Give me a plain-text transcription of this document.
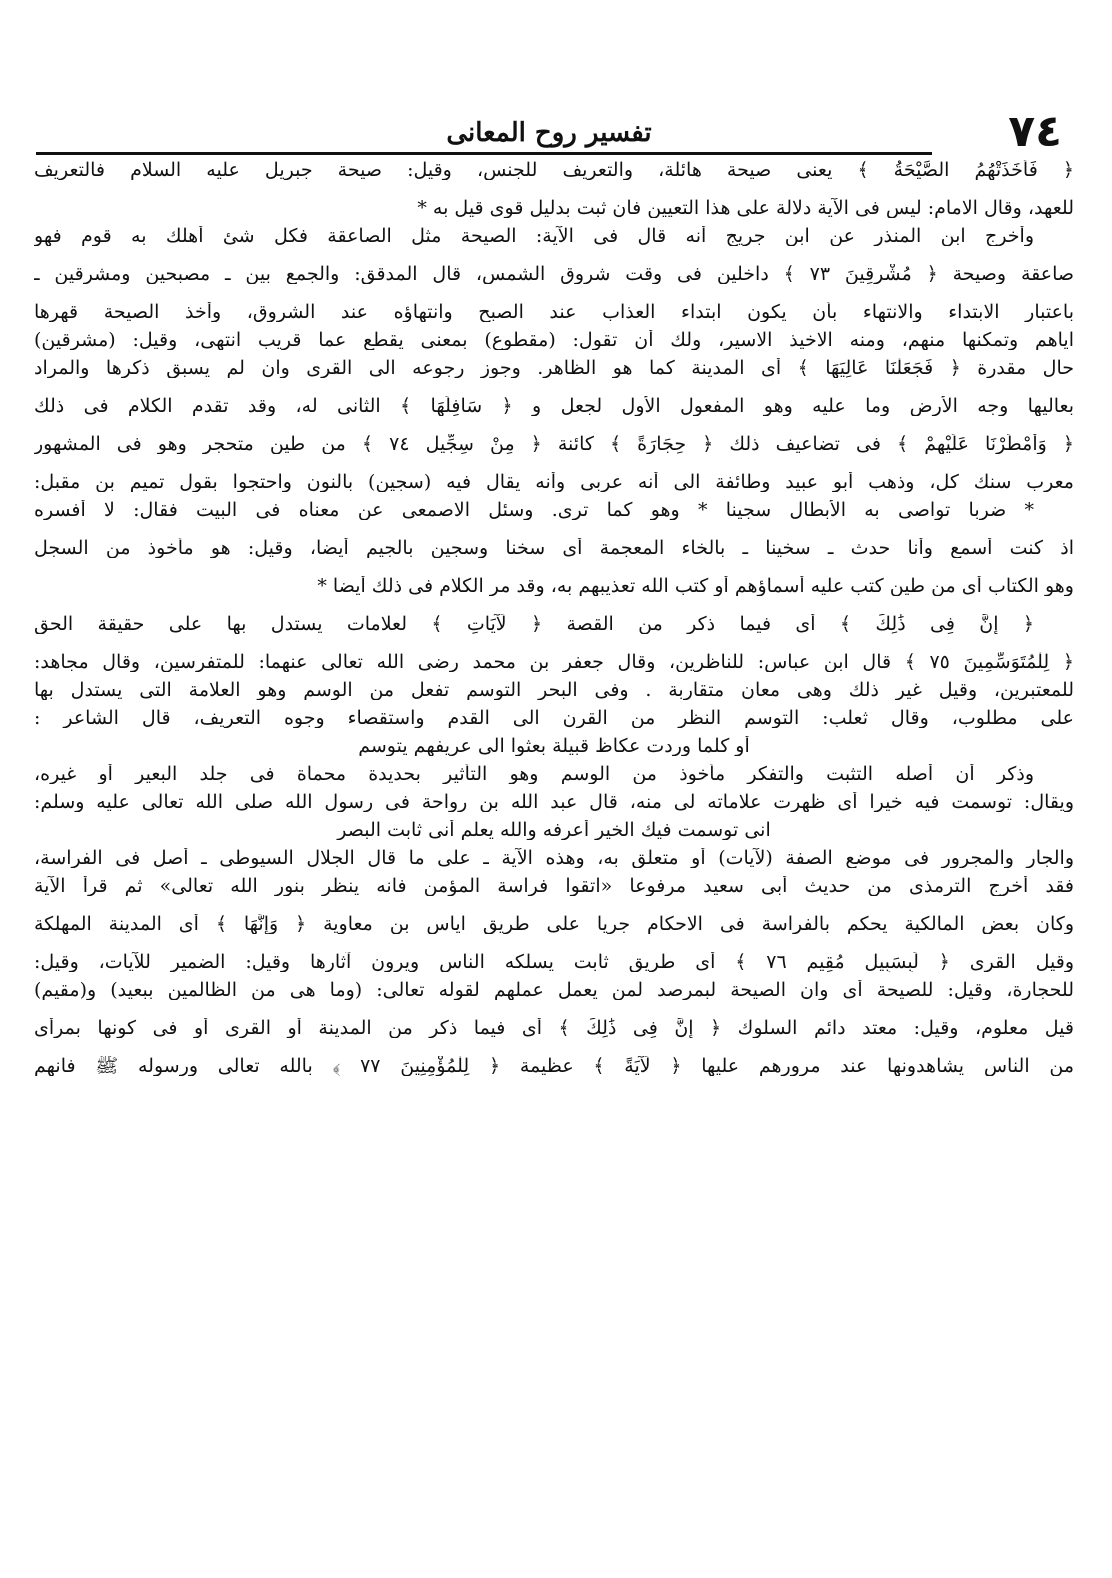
٧٤
تفسير روح المعانى
﴿ فَأَخَذَتْهُمُ الصَّيْحَةُ ﴾ يعنى صيحة هائلة، والتعريف للجنس، وقيل: صيحة جبريل عليه السلام فالتعريف
للعهد، وقال الامام: ليس فى الآية دلالة على هذا التعيين فان ثبت بدليل قوى قيل به *
وأخرج ابن المنذر عن ابن جريج أنه قال فى الآية: الصيحة مثل الصاعقة فكل شئ أهلك به قوم فهو
صاعقة وصيحة ﴿ مُشْرِقِينَ ٧٣ ﴾ داخلين فى وقت شروق الشمس، قال المدقق: والجمع بين ـ مصبحين ومشرقين ـ
باعتبار الابتداء والانتهاء بأن يكون ابتداء العذاب عند الصبح وانتهاؤه عند الشروق، وأخذ الصيحة قهرها
اياهم وتمكنها منهم، ومنه الاخيذ الاسير، ولك أن تقول: (مقطوع) بمعنى يقطع عما قريب انتهى، وقيل: (مشرقين)
حال مقدرة ﴿ فَجَعَلْنَا عَالِيَهَا ﴾ أى المدينة كما هو الظاهر. وجوز رجوعه الى القرى وان لم يسبق ذكرها والمراد
بعاليها وجه الأرض وما عليه وهو المفعول الأول لجعل و ﴿ سَافِلَهَا ﴾ الثانى له، وقد تقدم الكلام فى ذلك
﴿ وَأَمْطَرْنَا عَلَيْهِمْ ﴾ فى تضاعيف ذلك ﴿ حِجَارَةً ﴾ كائنة ﴿ مِنْ سِجِّيلٍ ٧٤ ﴾ من طين متحجر وهو فى المشهور
معرب سنك كل، وذهب أبو عبيد وطائفة الى أنه عربى وأنه يقال فيه (سجين) بالنون واحتجوا بقول تميم بن مقبل:
* ضربا تواصى به الأبطال سجينا * وهو كما ترى. وسئل الاصمعى عن معناه فى البيت فقال: لا أفسره
اذ كنت أسمع وأنا حدث ـ سخينا ـ بالخاء المعجمة أى سخنا وسجين بالجيم أيضا، وقيل: هو مأخوذ من السجل
وهو الكتاب أى من طين كتب عليه أسماؤهم أو كتب الله تعذيبهم به، وقد مر الكلام فى ذلك أيضا *
﴿ إِنَّ فِى ذَٰلِكَ ﴾ أى فيما ذكر من القصة ﴿ لَآيَاتٍ ﴾ لعلامات يستدل بها على حقيقة الحق
﴿ لِلْمُتَوَسِّمِينَ ٧٥ ﴾ قال ابن عباس: للناظرين، وقال جعفر بن محمد رضى الله تعالى عنهما: للمتفرسين، وقال مجاهد:
للمعتبرين، وقيل غير ذلك وهى معان متقاربة . وفى البحر التوسم تفعل من الوسم وهو العلامة التى يستدل بها
على مطلوب، وقال ثعلب: التوسم النظر من القرن الى القدم واستقصاء وجوه التعريف، قال الشاعر :
أو كلما وردت عكاظ قبيلة بعثوا الى عريفهم يتوسم
وذكر أن أصله التثبت والتفكر مأخوذ من الوسم وهو التأثير بحديدة محماة فى جلد البعير أو غيره،
ويقال: توسمت فيه خيرا أى ظهرت علاماته لى منه، قال عبد الله بن رواحة فى رسول الله صلى الله تعالى عليه وسلم:
انى توسمت فيك الخير أعرفه والله يعلم أنى ثابت البصر
والجار والمجرور فى موضع الصفة (لآيات) أو متعلق به، وهذه الآية ـ على ما قال الجلال السيوطى ـ أصل فى الفراسة،
فقد أخرج الترمذى من حديث أبى سعيد مرفوعا «اتقوا فراسة المؤمن فانه ينظر بنور الله تعالى» ثم قرأ الآية
وكان بعض المالكية يحكم بالفراسة فى الاحكام جريا على طريق اياس بن معاوية ﴿ وَإِنَّهَا ﴾ أى المدينة المهلكة
وقيل القرى ﴿ لَبِسَبِيلٍ مُقِيمٍ ٧٦ ﴾ أى طريق ثابت يسلكه الناس ويرون آثارها وقيل: الضمير للآيات، وقيل:
للحجارة، وقيل: للصيحة أى وان الصيحة لبمرصد لمن يعمل عملهم لقوله تعالى: (وما هى من الظالمين ببعيد) و(مقيم)
قيل معلوم، وقيل: معتد دائم السلوك ﴿ إِنَّ فِى ذَٰلِكَ ﴾ أى فيما ذكر من المدينة أو القرى أو فى كونها بمرأى
من الناس يشاهدونها عند مرورهم عليها ﴿ لَآيَةً ﴾ عظيمة ﴿ لِلْمُؤْمِنِينَ ٧٧ ﴾ بالله تعالى ورسوله ﷺ فانهم
